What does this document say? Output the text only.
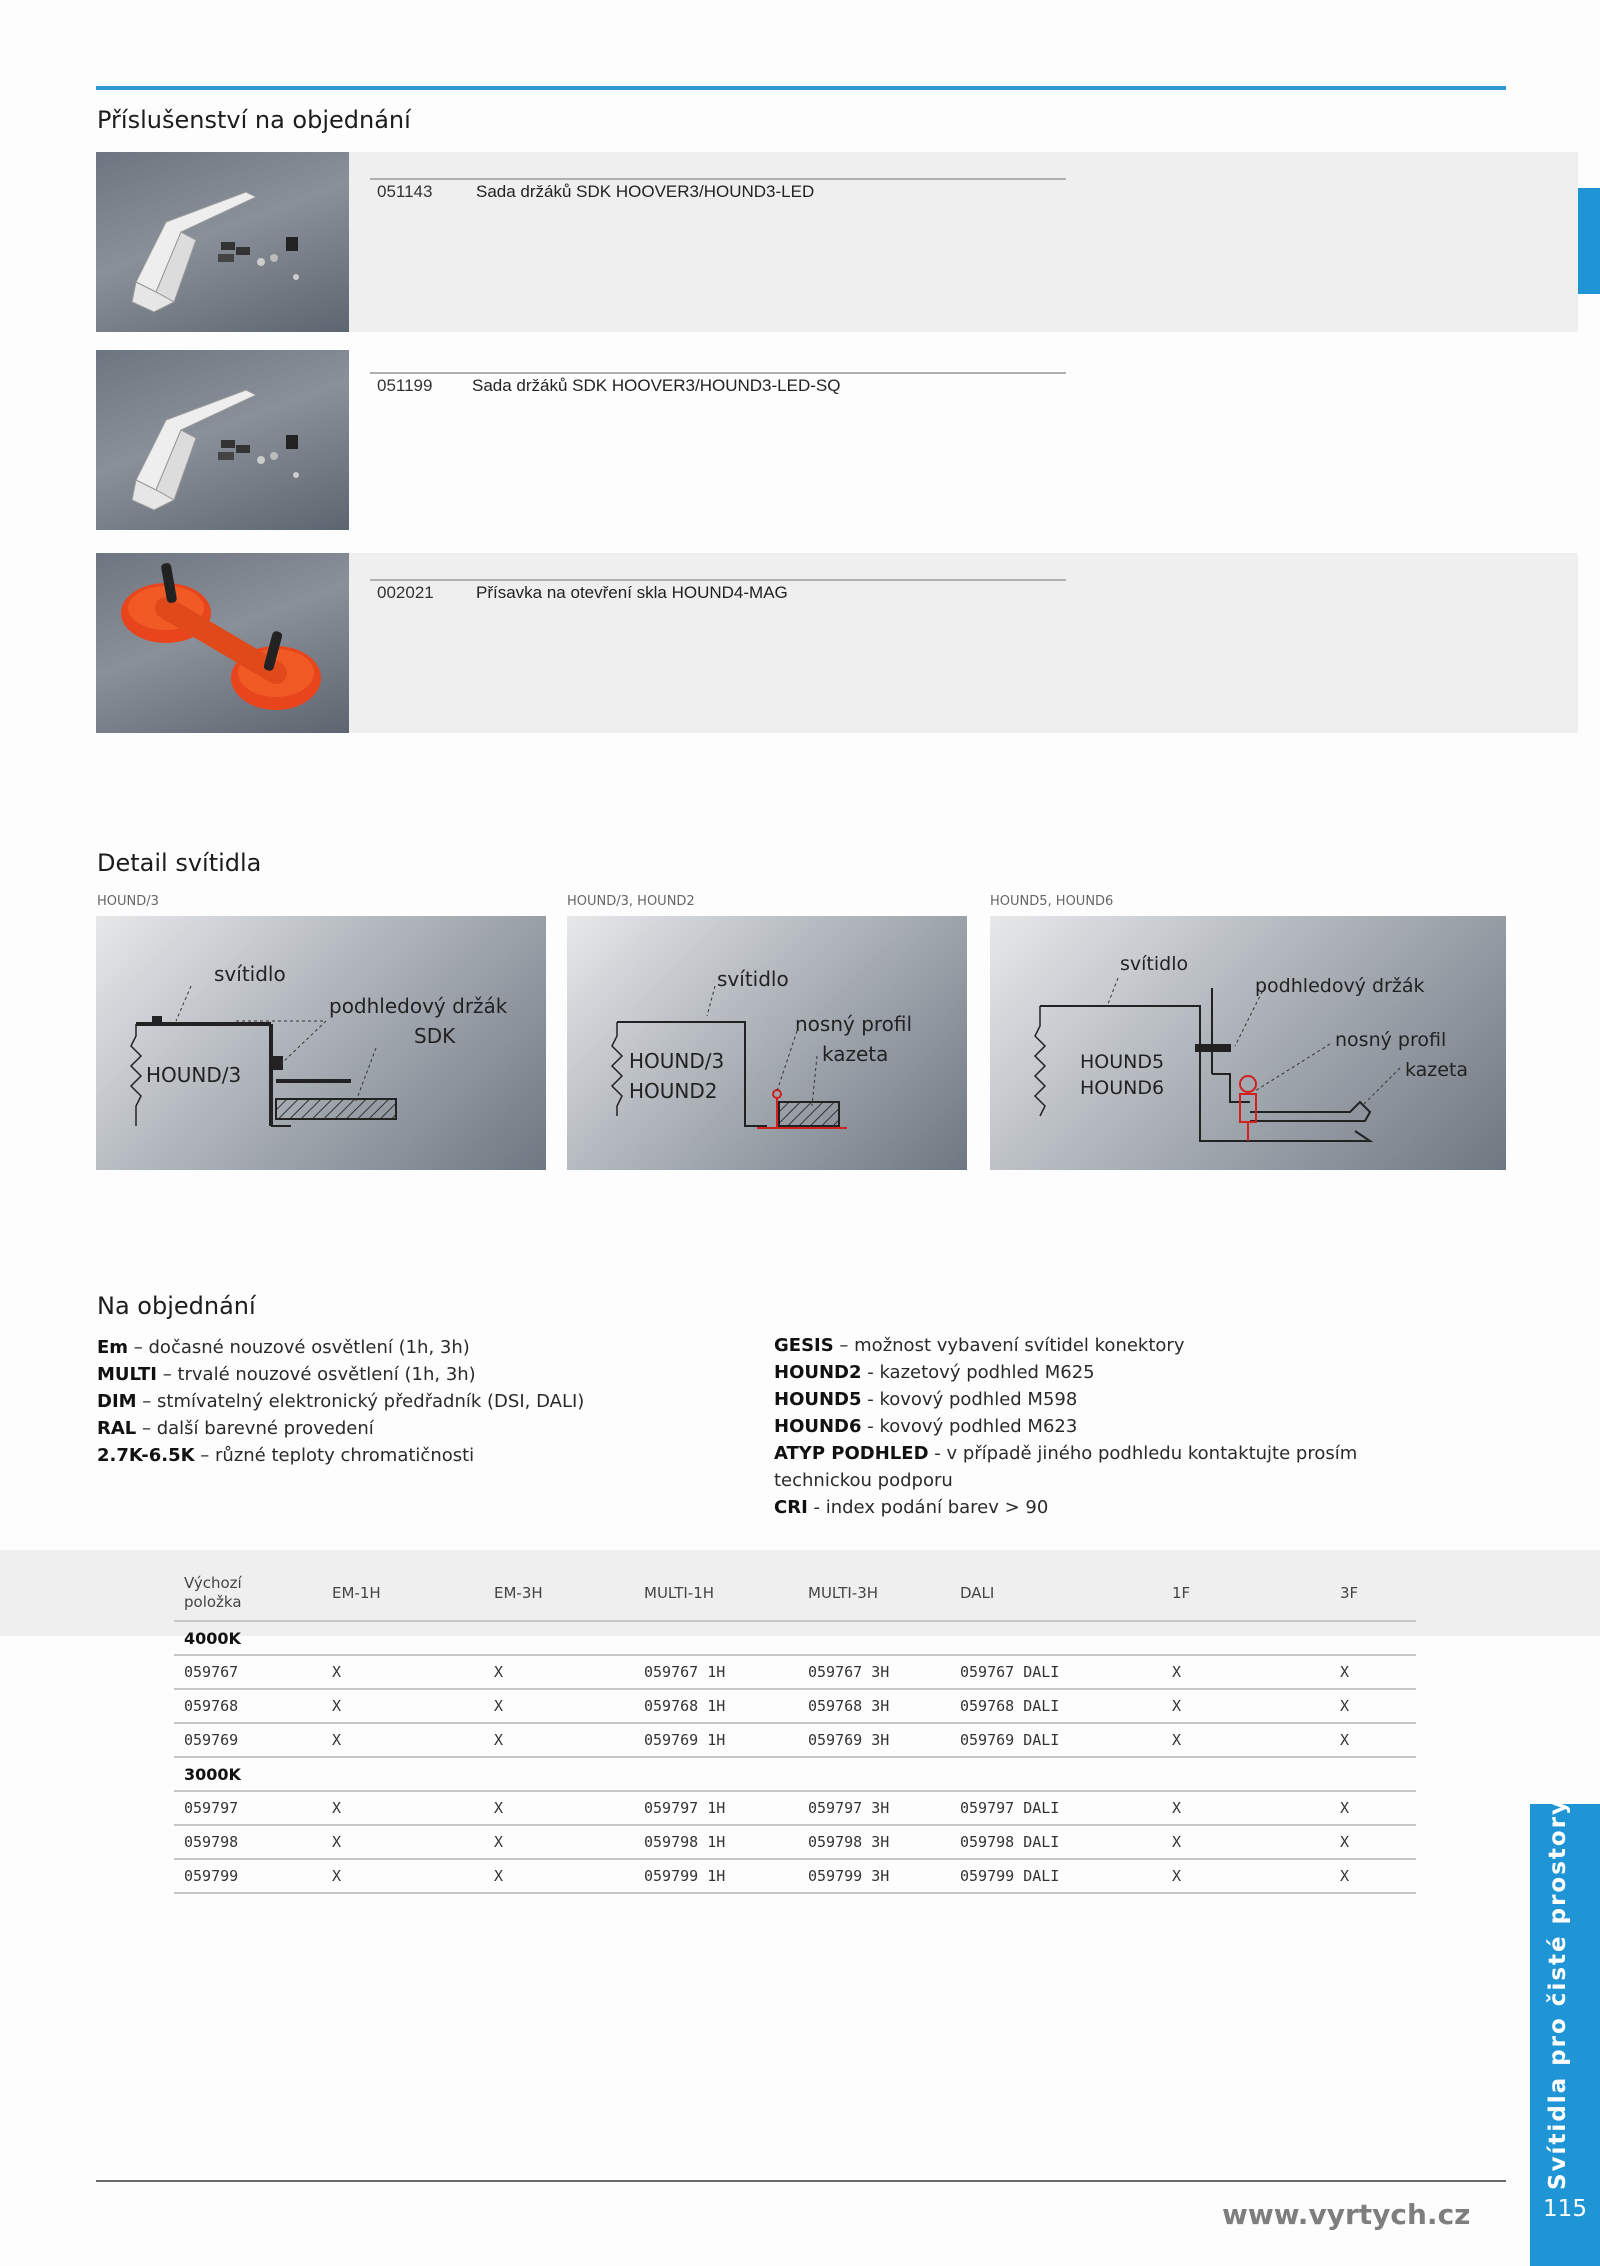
Příslušenství na objednání
051143	Sada držáků SDK HOOVER3/HOUND3-LED
051199 Sada držáků SDK HOOVER3/HOUND3-LED-SQ
002021 Přísavka na otevření skla HOUND4-MAG
Detail svítidla
HOUND/3	HOUND/3, HOUND2	HOUND5, HOUND6
svítidlo
podhledový držák
SDK
HOUND/3
svítidlo
nosný profil
kazeta
HOUND/3
HOUND2
svítidlo
podhledový držák
nosný profil
kazeta
HOUND5
HOUND6
Na objednání
Em – dočasné nouzové osvětlení (1h, 3h)
MULTI – trvalé nouzové osvětlení (1h, 3h)
DIM – stmívatelný elektronický předřadník (DSI, DALI)
RAL – další barevné provedení
2.7K-6.5K – různé teploty chromatičnosti
GESIS – možnost vybavení svítidel konektory
HOUND2 - kazetový podhled M625
HOUND5 - kovový podhled M598
HOUND6 - kovový podhled M623
ATYP PODHLED - v případě jiného podhledu kontaktujte prosím technickou podporu
CRI - index podání barev > 90
Výchozí položka	EM-1H	EM-3H	MULTI-1H	MULTI-3H	DALI	1F	3F

4000K							
059767	X	X	059767 1H	059767 3H	059767 DALI	X	X
059768	X	X	059768 1H	059768 3H	059768 DALI	X	X
059769	X	X	059769 1H	059769 3H	059769 DALI	X	X
3000K							
059797	X	X	059797 1H	059797 3H	059797 DALI	X	X
059798	X	X	059798 1H	059798 3H	059798 DALI	X	X
059799	X	X	059799 1H	059799 3H	059799 DALI	X	X
www.vyrtych.cz
Svítidla pro čisté prostory
115
